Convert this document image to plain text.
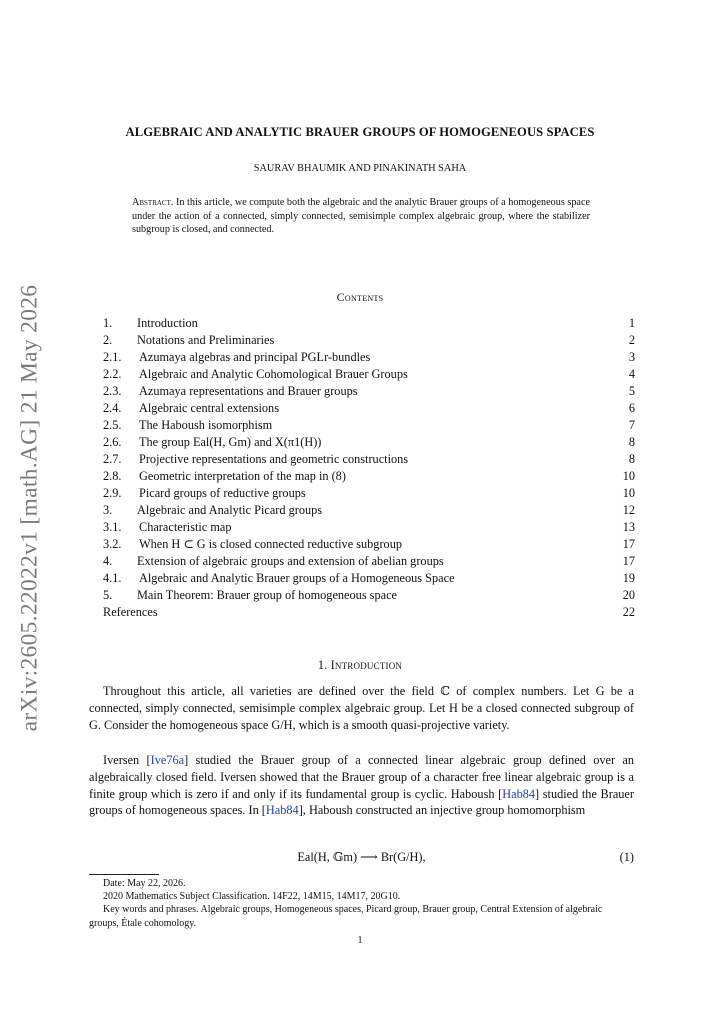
arXiv:2605.22022v1 [math.AG] 21 May 2026
ALGEBRAIC AND ANALYTIC BRAUER GROUPS OF HOMOGENEOUS SPACES
SAURAV BHAUMIK AND PINAKINATH SAHA
Abstract. In this article, we compute both the algebraic and the analytic Brauer groups of a homogeneous space under the action of a connected, simply connected, semisimple complex algebraic group, where the stabilizer subgroup is closed, and connected.
Contents
1. Introduction	1
2. Notations and Preliminaries	2
2.1. Azumaya algebras and principal PGLr-bundles	3
2.2. Algebraic and Analytic Cohomological Brauer Groups	4
2.3. Azumaya representations and Brauer groups	5
2.4. Algebraic central extensions	6
2.5. The Haboush isomorphism	7
2.6. The group Eal(H, Gm) and X(π1(H))	8
2.7. Projective representations and geometric constructions	8
2.8. Geometric interpretation of the map in (8)	10
2.9. Picard groups of reductive groups	10
3. Algebraic and Analytic Picard groups	12
3.1. Characteristic map	13
3.2. When H ⊂ G is closed connected reductive subgroup	17
4. Extension of algebraic groups and extension of abelian groups	17
4.1. Algebraic and Analytic Brauer groups of a Homogeneous Space	19
5. Main Theorem: Brauer group of homogeneous space	20
References	22
1. Introduction

Throughout this article, all varieties are defined over the field ℂ of complex numbers. Let G be a connected, simply connected, semisimple complex algebraic group. Let H be a closed connected subgroup of G. Consider the homogeneous space G/H, which is a smooth quasi-projective variety.

Iversen [Ive76a] studied the Brauer group of a connected linear algebraic group defined over an algebraically closed field. Iversen showed that the Brauer group of a character free linear algebraic group is a finite group which is zero if and only if its fundamental group is cyclic. Haboush [Hab84] studied the Brauer groups of homogeneous spaces. In [Hab84], Haboush constructed an injective group homomorphism

Eal(H, 𝔾m) ⟶ Br(G/H),	(1)
Date: May 22, 2026.
2020 Mathematics Subject Classification. 14F22, 14M15, 14M17, 20G10.
Key words and phrases. Algebraic groups, Homogeneous spaces, Picard group, Brauer group, Central Extension of algebraic groups, Étale cohomology.
1
